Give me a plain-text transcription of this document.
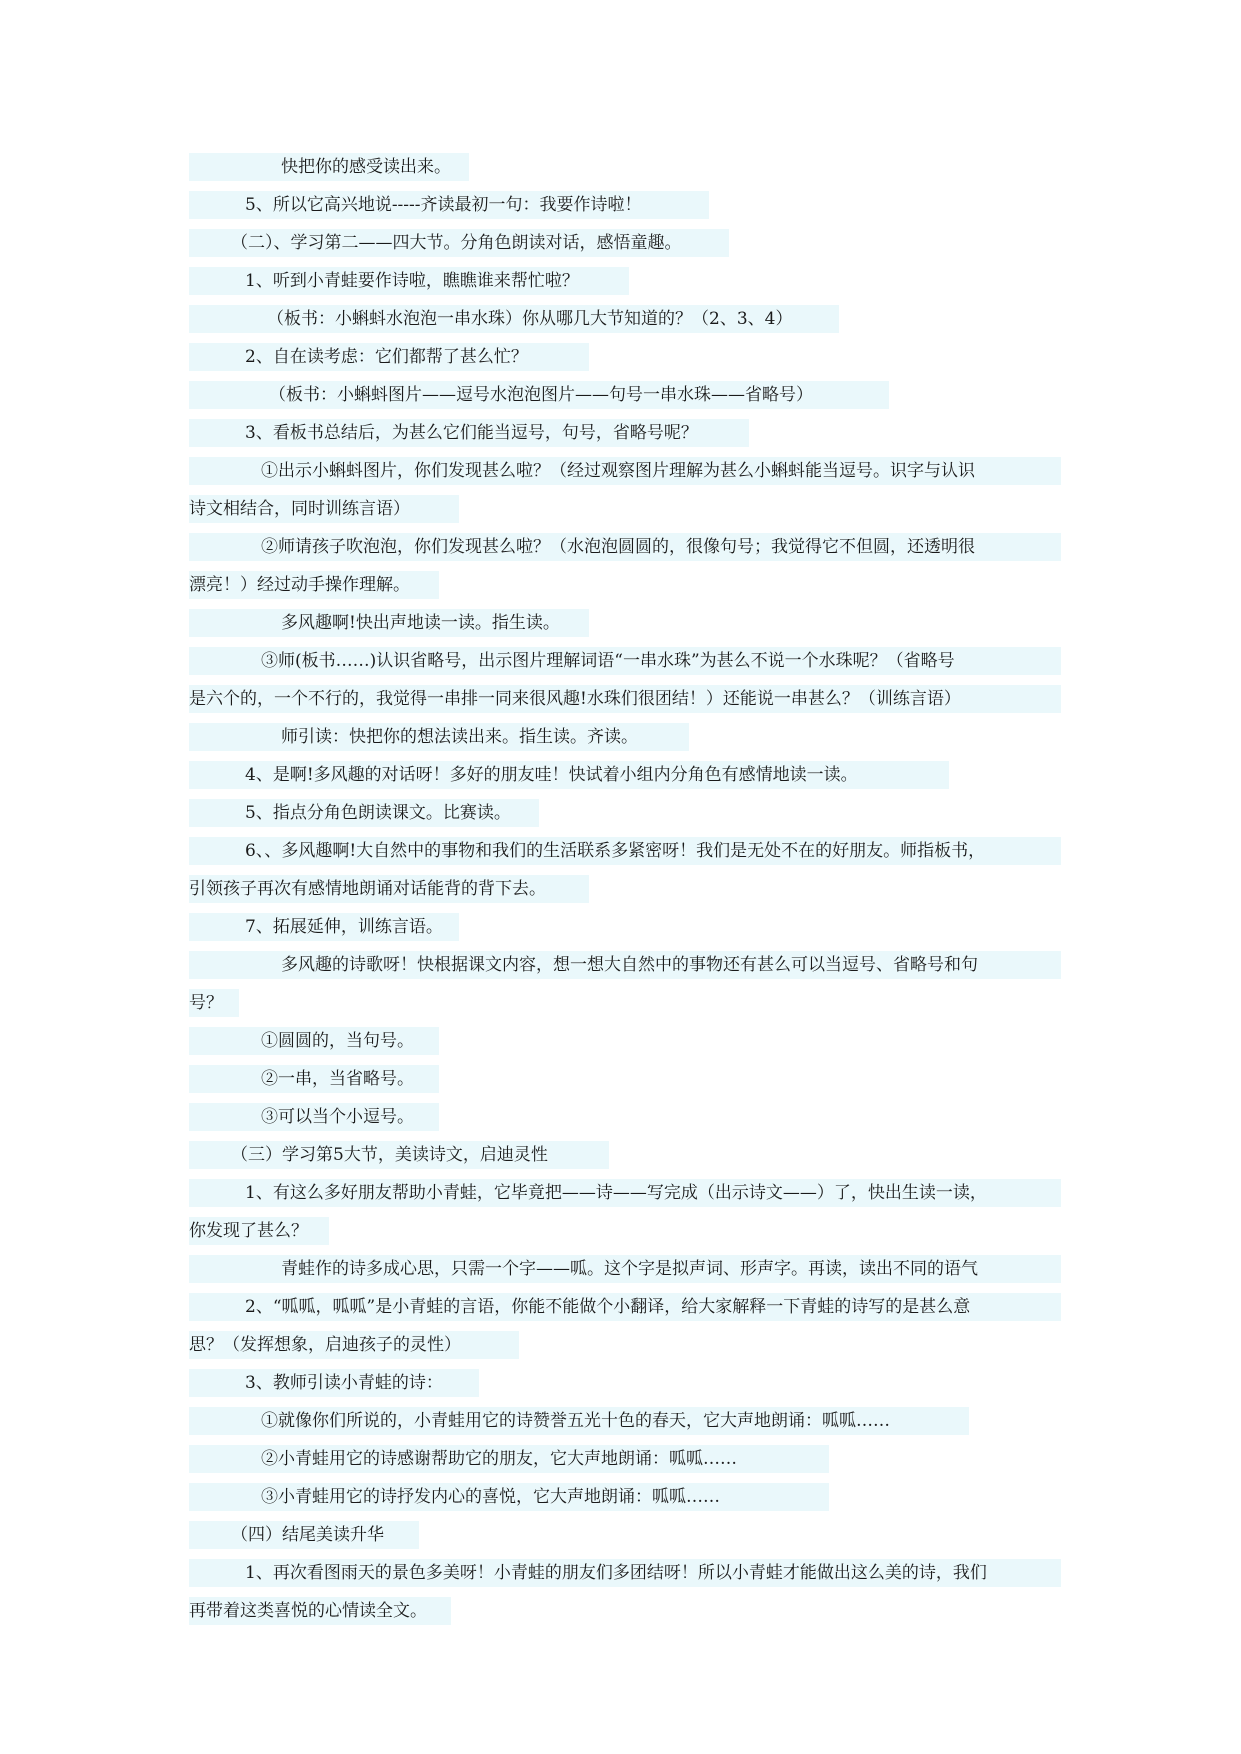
快把你的感受读出来。
5、所以它高兴地说-----齐读最初一句：我要作诗啦！
（二）、学习第二——四大节。分角色朗读对话，感悟童趣。
1、听到小青蛙要作诗啦，瞧瞧谁来帮忙啦？
（板书：小蝌蚪水泡泡一串水珠）你从哪几大节知道的？（2、3、4）
2、自在读考虑：它们都帮了甚么忙？
（板书：小蝌蚪图片——逗号水泡泡图片——句号一串水珠——省略号）
3、看板书总结后，为甚么它们能当逗号，句号，省略号呢？
①出示小蝌蚪图片，你们发现甚么啦？（经过观察图片理解为甚么小蝌蚪能当逗号。识字与认识
诗文相结合，同时训练言语）
②师请孩子吹泡泡，你们发现甚么啦？（水泡泡圆圆的，很像句号；我觉得它不但圆，还透明很
漂亮！）经过动手操作理解。
多风趣啊!快出声地读一读。指生读。
③师(板书……)认识省略号，出示图片理解词语“一串水珠”为甚么不说一个水珠呢？（省略号
是六个的，一个不行的，我觉得一串排一同来很风趣!水珠们很团结！）还能说一串甚么？（训练言语）
师引读：快把你的想法读出来。指生读。齐读。
4、是啊!多风趣的对话呀！多好的朋友哇！快试着小组内分角色有感情地读一读。
5、指点分角色朗读课文。比赛读。
6、、多风趣啊!大自然中的事物和我们的生活联系多紧密呀！我们是无处不在的好朋友。师指板书，
引领孩子再次有感情地朗诵对话能背的背下去。
7、拓展延伸，训练言语。
多风趣的诗歌呀！快根据课文内容，想一想大自然中的事物还有甚么可以当逗号、省略号和句
号？
①圆圆的，当句号。
②一串，当省略号。
③可以当个小逗号。
（三）学习第5大节，美读诗文，启迪灵性
1、有这么多好朋友帮助小青蛙，它毕竟把——诗——写完成（出示诗文——）了，快出生读一读，
你发现了甚么？
青蛙作的诗多成心思，只需一个字——呱。这个字是拟声词、形声字。再读，读出不同的语气
2、“呱呱，呱呱”是小青蛙的言语，你能不能做个小翻译，给大家解释一下青蛙的诗写的是甚么意
思？（发挥想象，启迪孩子的灵性）
3、教师引读小青蛙的诗：
①就像你们所说的，小青蛙用它的诗赞誉五光十色的春天，它大声地朗诵：呱呱……
②小青蛙用它的诗感谢帮助它的朋友，它大声地朗诵：呱呱……
③小青蛙用它的诗抒发内心的喜悦，它大声地朗诵：呱呱……
（四）结尾美读升华
1、再次看图雨天的景色多美呀！小青蛙的朋友们多团结呀！所以小青蛙才能做出这么美的诗，我们
再带着这类喜悦的心情读全文。
